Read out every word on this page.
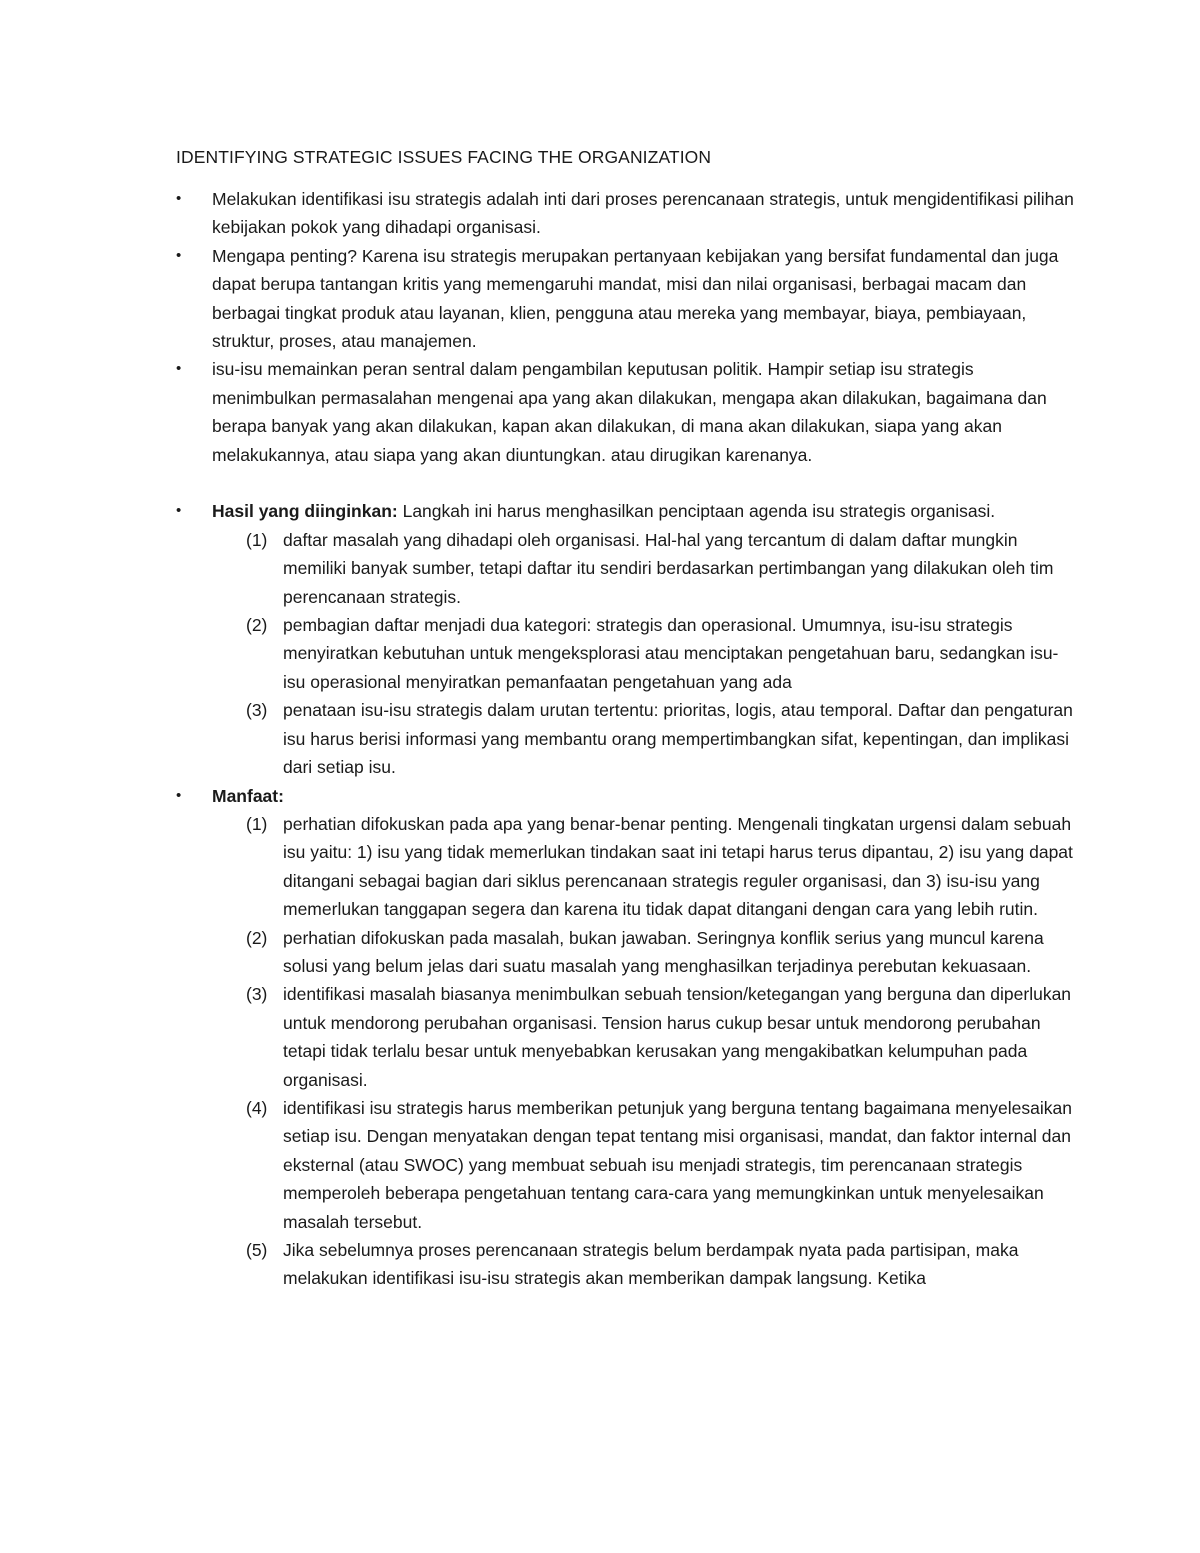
IDENTIFYING STRATEGIC ISSUES FACING THE ORGANIZATION
•	Melakukan identifikasi isu strategis adalah inti dari proses perencanaan strategis, untuk mengidentifikasi pilihan kebijakan pokok yang dihadapi organisasi.
•	Mengapa penting? Karena isu strategis merupakan pertanyaan kebijakan yang bersifat fundamental dan juga dapat berupa tantangan kritis yang memengaruhi mandat, misi dan nilai organisasi, berbagai macam dan berbagai tingkat produk atau layanan, klien, pengguna atau mereka yang membayar, biaya, pembiayaan, struktur, proses, atau manajemen.
•	isu-isu memainkan peran sentral dalam pengambilan keputusan politik. Hampir setiap isu strategis menimbulkan permasalahan mengenai apa yang akan dilakukan, mengapa akan dilakukan, bagaimana dan berapa banyak yang akan dilakukan, kapan akan dilakukan, di mana akan dilakukan, siapa yang akan melakukannya, atau siapa yang akan diuntungkan. atau dirugikan karenanya.
•	Hasil yang diinginkan: Langkah ini harus menghasilkan penciptaan agenda isu strategis organisasi.
(1) daftar masalah yang dihadapi oleh organisasi. Hal-hal yang tercantum di dalam daftar mungkin memiliki banyak sumber, tetapi daftar itu sendiri berdasarkan pertimbangan yang dilakukan oleh tim perencanaan strategis.
(2) pembagian daftar menjadi dua kategori: strategis dan operasional. Umumnya, isu-isu strategis menyiratkan kebutuhan untuk mengeksplorasi atau menciptakan pengetahuan baru, sedangkan isu-isu operasional menyiratkan pemanfaatan pengetahuan yang ada
(3) penataan isu-isu strategis dalam urutan tertentu: prioritas, logis, atau temporal. Daftar dan pengaturan isu harus berisi informasi yang membantu orang mempertimbangkan sifat, kepentingan, dan implikasi dari setiap isu.
•	Manfaat:
(1) perhatian difokuskan pada apa yang benar-benar penting. Mengenali tingkatan urgensi dalam sebuah isu yaitu: 1) isu yang tidak memerlukan tindakan saat ini tetapi harus terus dipantau, 2) isu yang dapat ditangani sebagai bagian dari siklus perencanaan strategis reguler organisasi, dan 3) isu-isu yang memerlukan tanggapan segera dan karena itu tidak dapat ditangani dengan cara yang lebih rutin.
(2) perhatian difokuskan pada masalah, bukan jawaban. Seringnya konflik serius yang muncul karena solusi yang belum jelas dari suatu masalah yang menghasilkan terjadinya perebutan kekuasaan.
(3) identifikasi masalah biasanya menimbulkan sebuah tension/ketegangan yang berguna dan diperlukan untuk mendorong perubahan organisasi. Tension harus cukup besar untuk mendorong perubahan tetapi tidak terlalu besar untuk menyebabkan kerusakan yang mengakibatkan kelumpuhan pada organisasi.
(4) identifikasi isu strategis harus memberikan petunjuk yang berguna tentang bagaimana menyelesaikan setiap isu. Dengan menyatakan dengan tepat tentang misi organisasi, mandat, dan faktor internal dan eksternal (atau SWOC) yang membuat sebuah isu menjadi strategis, tim perencanaan strategis memperoleh beberapa pengetahuan tentang cara-cara yang memungkinkan untuk menyelesaikan masalah tersebut.
(5) Jika sebelumnya proses perencanaan strategis belum berdampak nyata pada partisipan, maka melakukan identifikasi isu-isu strategis akan memberikan dampak langsung. Ketika
